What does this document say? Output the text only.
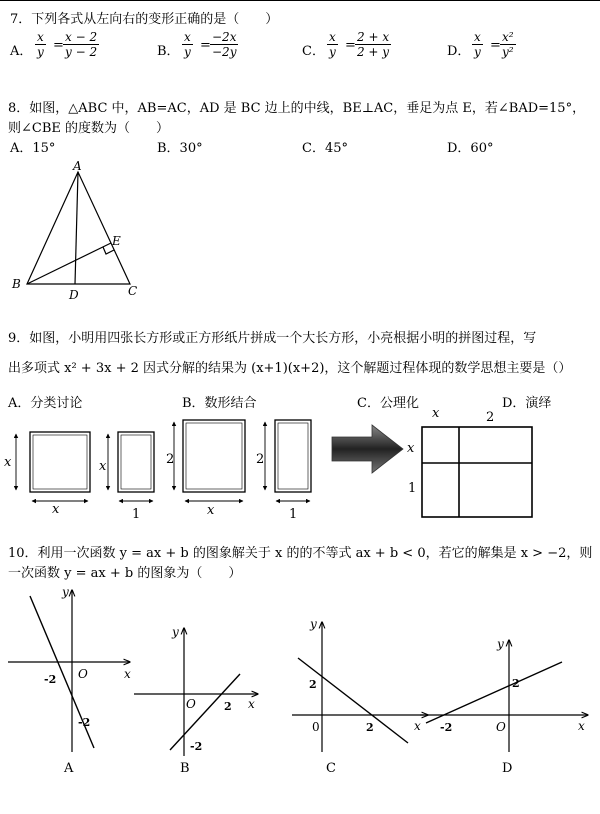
7．下列各式从左向右的变形正确的是（　　）
A． $\frac{x}{y} = \frac{x - 2}{y - 2}$	B． $\frac{x}{y} = \frac{-2x}{-2y}$	C． $\frac{x}{y} = \frac{2 + x}{2 + y}$	D． $\frac{x}{y} = \frac{\text{x²}}{\text{y²}}$
8．如图，△ABC 中，AB=AC，AD 是 BC 边上的中线，BE⊥AC，垂足为点 E，若∠BAD=15°，
则∠CBE 的度数为（　　）
A．15°	B．30°	C．45°	D．60°
A
B	C
D
E
9．如图，小明用四张长方形或正方形纸片拼成一个大长方形，小亮根据小明的拼图过程，写
出多项式 x² + 3x + 2 因式分解的结果为 (x+1)(x+2)，这个解题过程体现的数学思想主要是（）
A．分类讨论	B．数形结合	C．公理化	D．演绎
x
x
x
1
2
x
2
1
x	2
x
1
10．利用一次函数 y = ax + b 的图象解关于 x 的的不等式 ax + b < 0，若它的解集是 x > −2，则
一次函数 y = ax + b 的图象为（　　）
y
x
O
-2
-2
y
x
O	2
-2
y
x
0
2
2
y
x
O
2
-2
A	B	C	D
